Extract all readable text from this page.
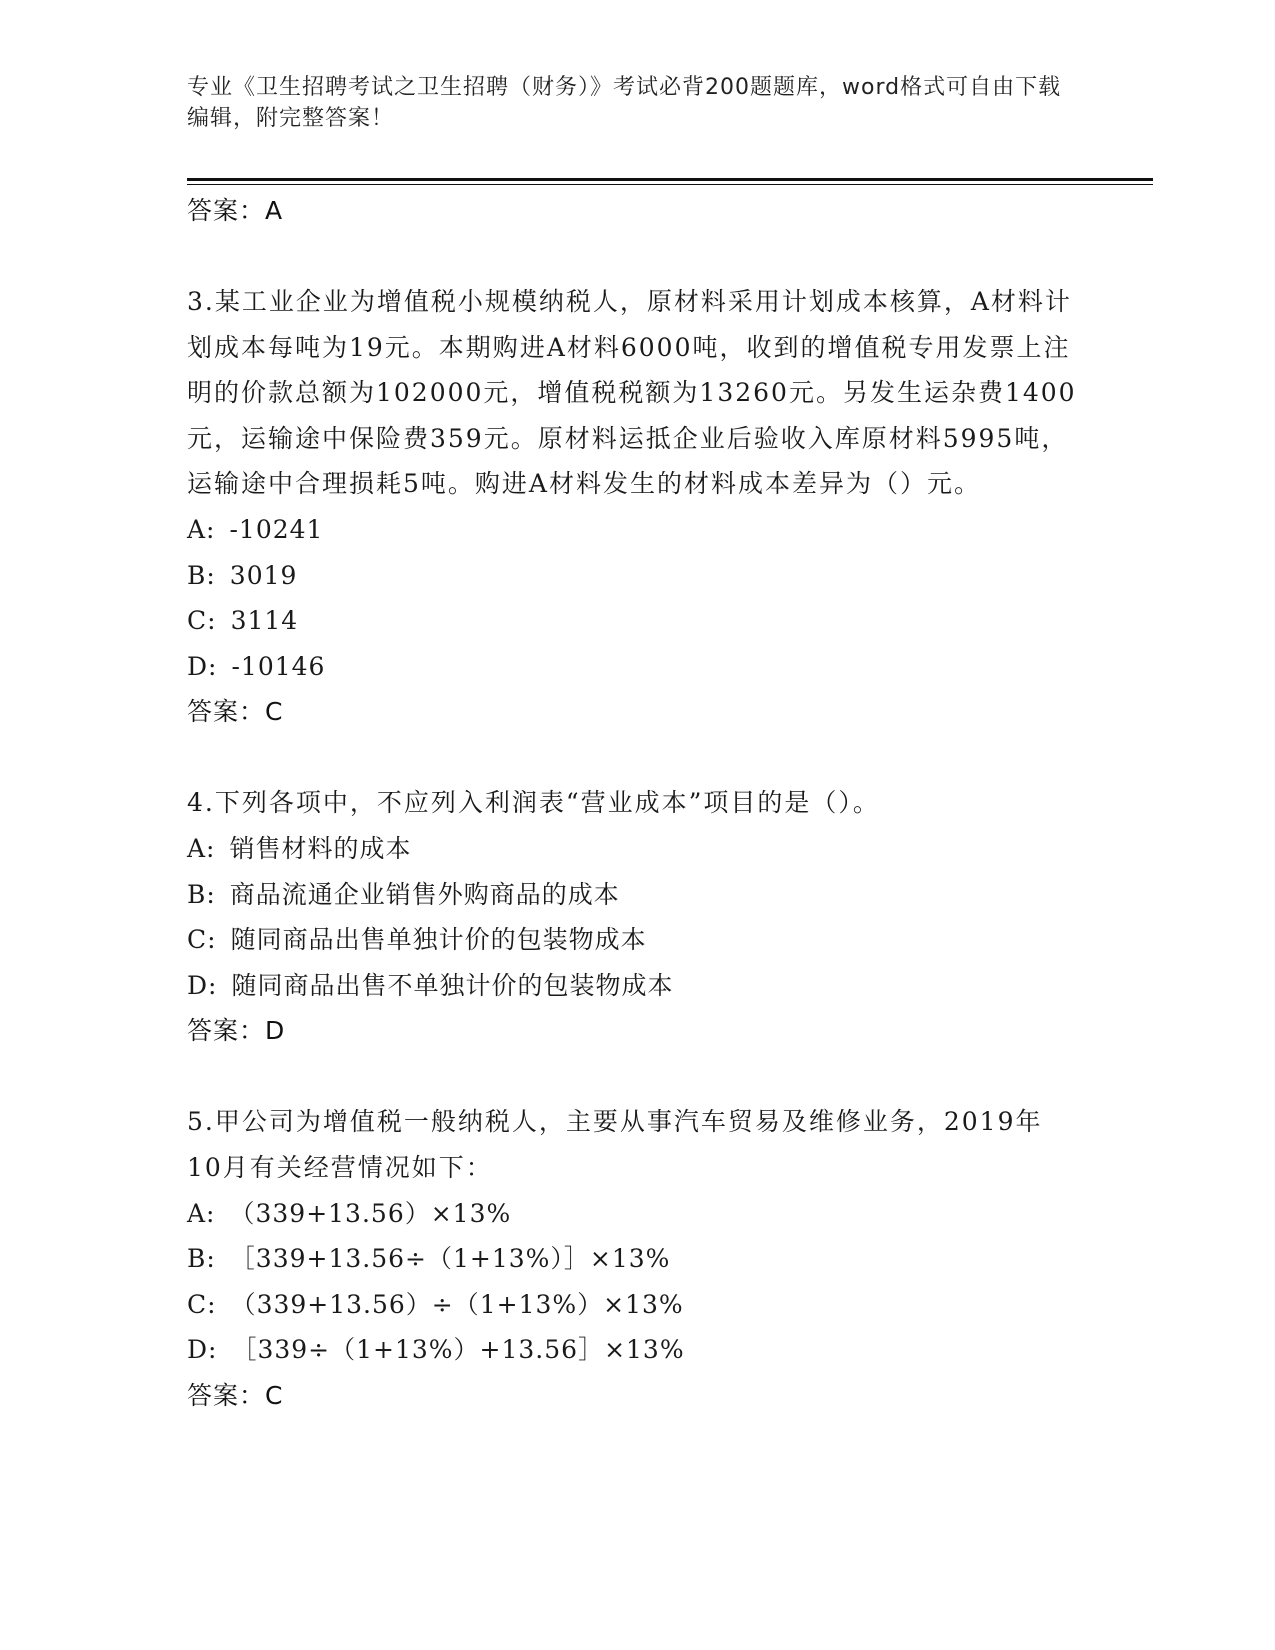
专业《卫生招聘考试之卫生招聘（财务）》考试必背200题题库，word格式可自由下载编辑，附完整答案！
答案：A
3.某工业企业为增值税小规模纳税人，原材料采用计划成本核算，A材料计划成本每吨为19元。本期购进A材料6000吨，收到的增值税专用发票上注明的价款总额为102000元，增值税税额为13260元。另发生运杂费1400元，运输途中保险费359元。原材料运抵企业后验收入库原材料5995吨，运输途中合理损耗5吨。购进A材料发生的材料成本差异为（）元。
A: -10241
B: 3019
C: 3114
D: -10146
答案：C
4.下列各项中，不应列入利润表“营业成本”项目的是（）。
A: 销售材料的成本
B: 商品流通企业销售外购商品的成本
C: 随同商品出售单独计价的包装物成本
D: 随同商品出售不单独计价的包装物成本
答案：D
5.甲公司为增值税一般纳税人，主要从事汽车贸易及维修业务，2019年10月有关经营情况如下：
A: （339+13.56）×13%
B: ［339+13.56÷（1+13%）］×13%
C: （339+13.56）÷（1+13%）×13%
D: ［339÷（1+13%）+13.56］×13%
答案：C
